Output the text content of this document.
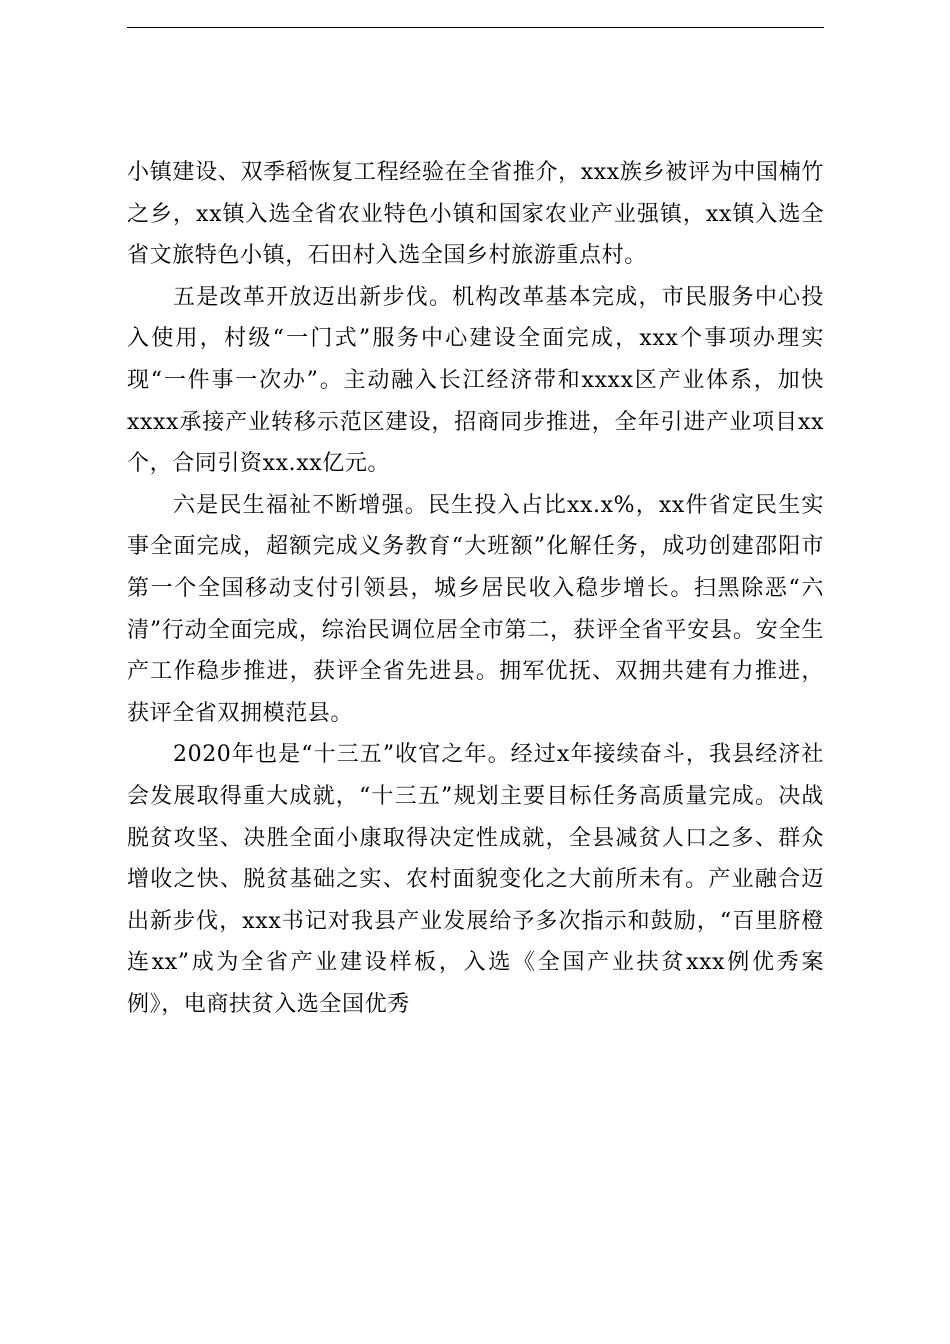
小镇建设、双季稻恢复工程经验在全省推介，xxx族乡被评为中国楠竹之乡，xx镇入选全省农业特色小镇和国家农业产业强镇，xx镇入选全省文旅特色小镇，石田村入选全国乡村旅游重点村。

五是改革开放迈出新步伐。机构改革基本完成，市民服务中心投入使用，村级“一门式”服务中心建设全面完成，xxx个事项办理实现“一件事一次办”。主动融入长江经济带和xxxx区产业体系，加快xxxx承接产业转移示范区建设，招商同步推进，全年引进产业项目xx个，合同引资xx.xx亿元。

六是民生福祉不断增强。民生投入占比xx.x%，xx件省定民生实事全面完成，超额完成义务教育“大班额”化解任务，成功创建邵阳市第一个全国移动支付引领县，城乡居民收入稳步增长。扫黑除恶“六清”行动全面完成，综治民调位居全市第二，获评全省平安县。安全生产工作稳步推进，获评全省先进县。拥军优抚、双拥共建有力推进，获评全省双拥模范县。

2020年也是“十三五”收官之年。经过x年接续奋斗，我县经济社会发展取得重大成就，“十三五”规划主要目标任务高质量完成。决战脱贫攻坚、决胜全面小康取得决定性成就，全县减贫人口之多、群众增收之快、脱贫基础之实、农村面貌变化之大前所未有。产业融合迈出新步伐，xxx书记对我县产业发展给予多次指示和鼓励，“百里脐橙连xx”成为全省产业建设样板，入选《全国产业扶贫xxx例优秀案例》，电商扶贫入选全国优秀
